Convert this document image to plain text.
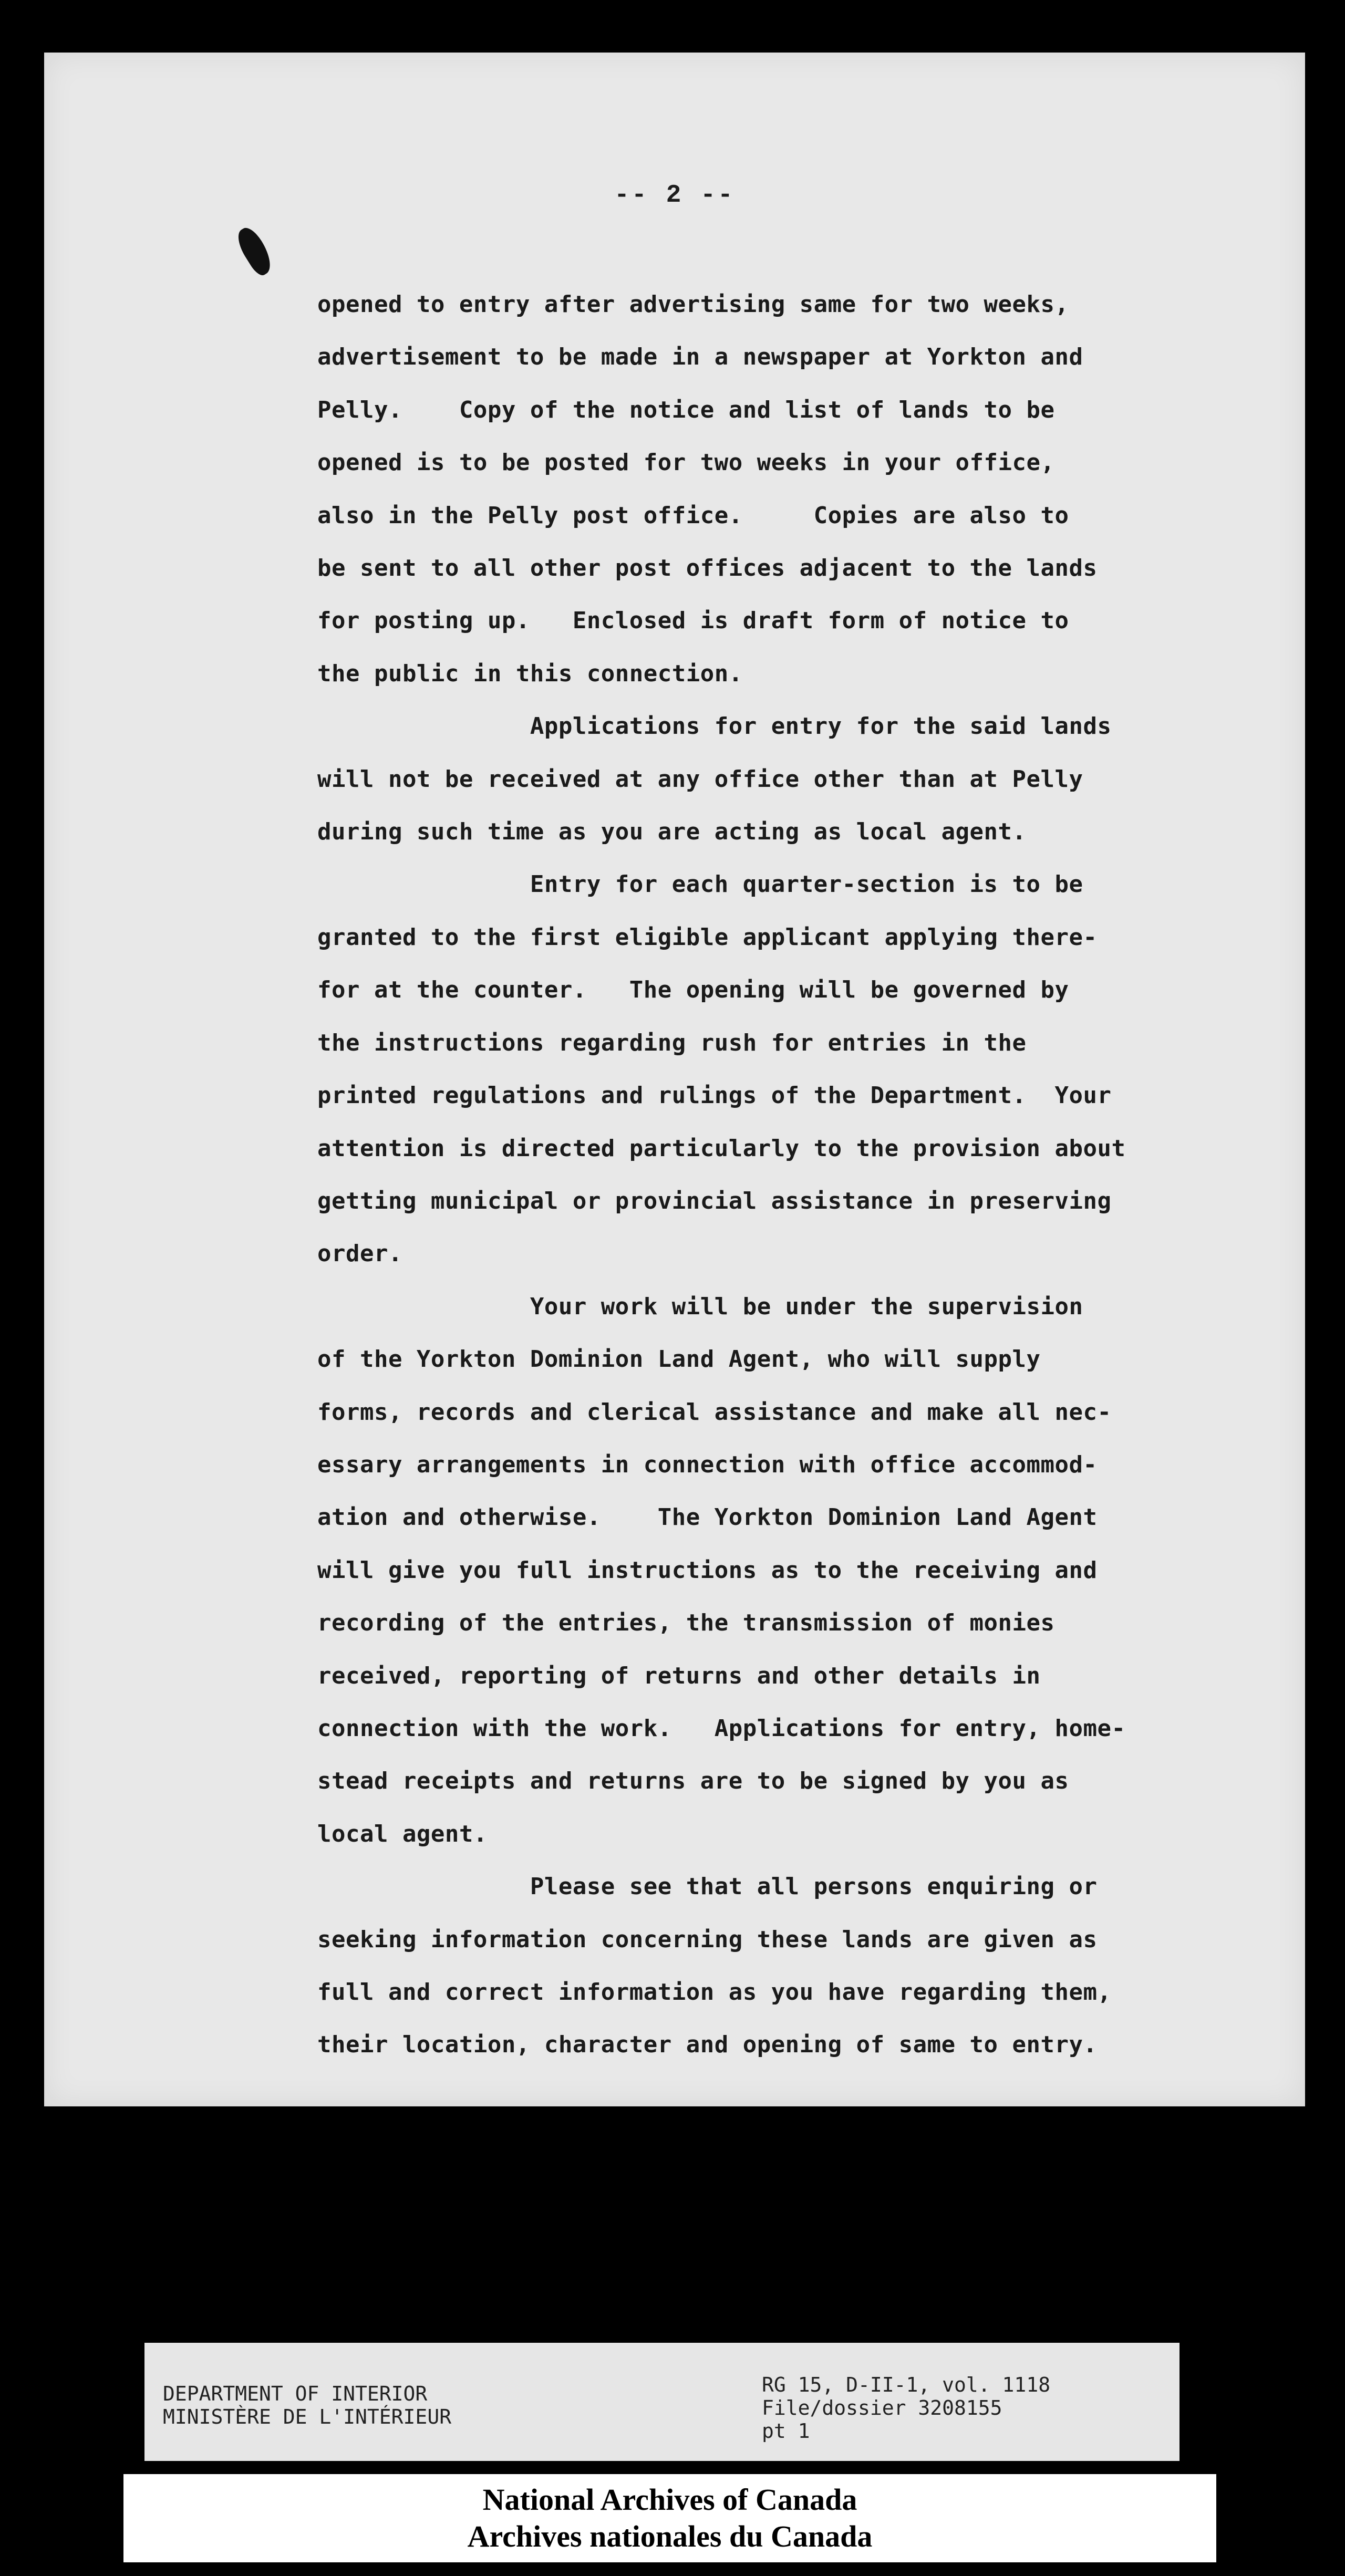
-- 2 --

opened to entry after advertising same for two weeks,
advertisement to be made in a newspaper at Yorkton and
Pelly.    Copy of the notice and list of lands to be
opened is to be posted for two weeks in your office,
also in the Pelly post office.     Copies are also to
be sent to all other post offices adjacent to the lands
for posting up.   Enclosed is draft form of notice to
the public in this connection.
Applications for entry for the said lands
will not be received at any office other than at Pelly
during such time as you are acting as local agent.
Entry for each quarter-section is to be
granted to the first eligible applicant applying there-
for at the counter.   The opening will be governed by
the instructions regarding rush for entries in the
printed regulations and rulings of the Department.  Your
attention is directed particularly to the provision about
getting municipal or provincial assistance in preserving
order.
Your work will be under the supervision
of the Yorkton Dominion Land Agent, who will supply
forms, records and clerical assistance and make all nec-
essary arrangements in connection with office accommod-
ation and otherwise.    The Yorkton Dominion Land Agent
will give you full instructions as to the receiving and
recording of the entries, the transmission of monies
received, reporting of returns and other details in
connection with the work.   Applications for entry, home-
stead receipts and returns are to be signed by you as
local agent.
Please see that all persons enquiring or
seeking information concerning these lands are given as
full and correct information as you have regarding them,
their location, character and opening of same to entry.
DEPARTMENT OF INTERIOR
MINISTÈRE DE L'INTÉRIEUR
RG 15, D-II-1, vol. 1118
File/dossier 3208155
pt 1
National Archives of Canada
Archives nationales du Canada
